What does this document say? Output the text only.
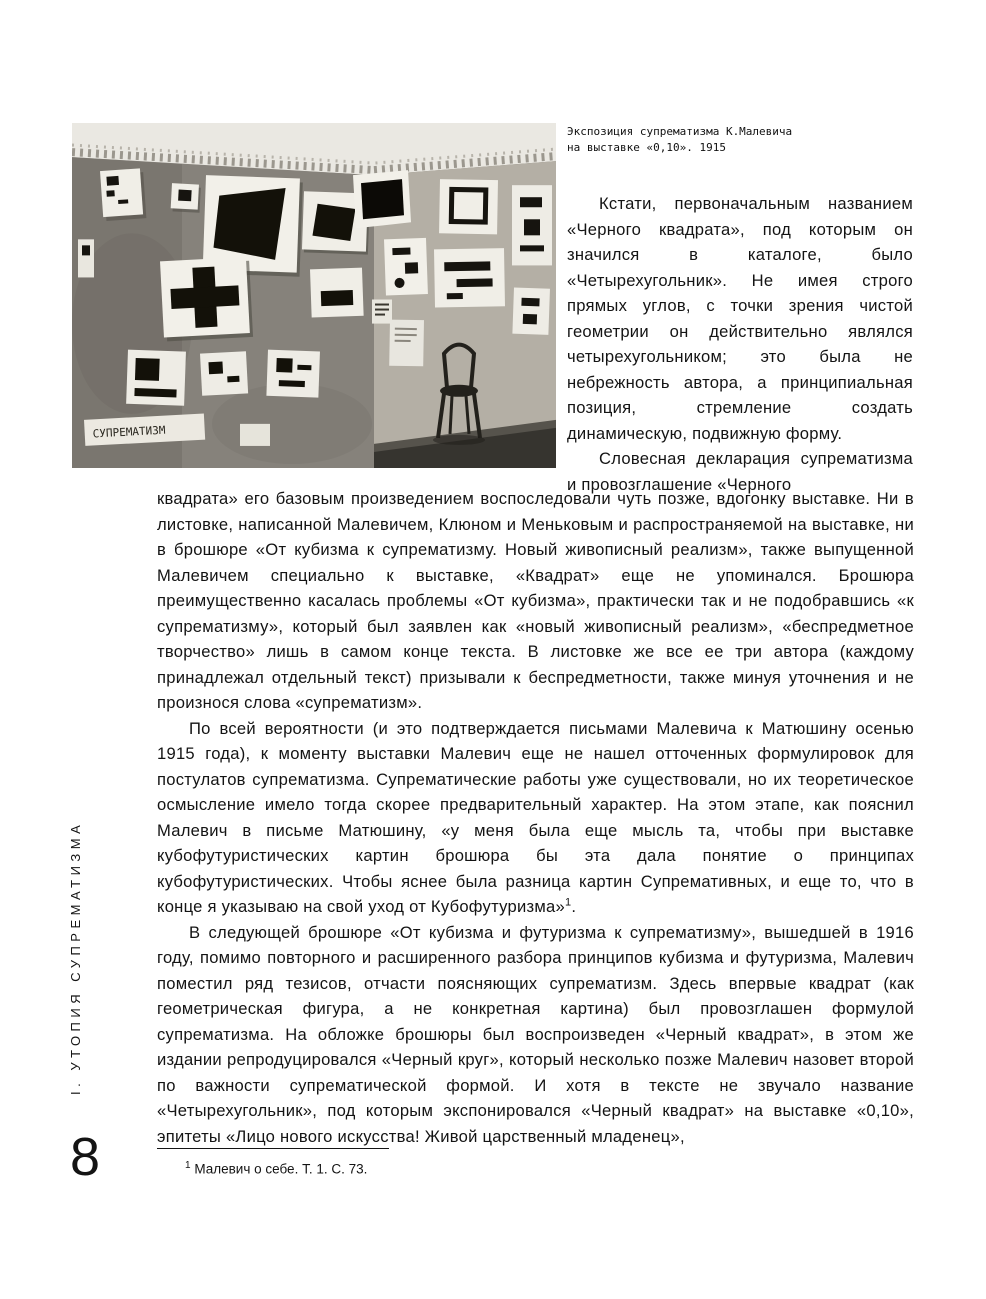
СУПРЕМАТИЗМ
Экспозиция супрематизма К.Малевича
на выставке «0,10». 1915

Кстати, первоначальным названием «Черного квадрата», под которым он значился в каталоге, было «Четырехугольник». Не имея строго прямых углов, с точки зрения чистой геометрии он действительно являлся четырехугольником; это была не небрежность автора, а принципиальная позиция, стремление создать динамическую, подвижную форму.

Словесная декларация супрематизма и провозглашение «Черного

квадрата» его базовым произведением воспоследовали чуть позже, вдогонку выставке. Ни в листовке, написанной Малевичем, Клюном и Меньковым и распространяемой на выставке, ни в брошюре «От кубизма к супрематизму. Новый живописный реализм», также выпущенной Малевичем специально к выставке, «Квадрат» еще не упоминался. Брошюра преимущественно касалась проблемы «От кубизма», практически так и не подобравшись «к супрематизму», который был заявлен как «новый живописный реализм», «беспредметное творчество» лишь в самом конце текста. В листовке же все ее три автора (каждому принадлежал отдельный текст) призывали к беспредметности, также минуя уточнения и не произнося слова «супрематизм».

По всей вероятности (и это подтверждается письмами Малевича к Матюшину осенью 1915 года), к моменту выставки Малевич еще не нашел отточенных формулировок для постулатов супрематизма. Супрематические работы уже существовали, но их теоретическое осмысление имело тогда скорее предварительный характер. На этом этапе, как пояснил Малевич в письме Матюшину, «у меня была еще мысль та, чтобы при выставке кубофутуристических картин брошюра бы эта дала понятие о принципах кубофутуристических. Чтобы яснее была разница картин Супремативных, и еще то, что в конце я указываю на свой уход от Кубофутуризма»$^1$.

В следующей брошюре «От кубизма и футуризма к супрематизму», вышедшей в 1916 году, помимо повторного и расширенного разбора принципов кубизма и футуризма, Малевич поместил ряд тезисов, отчасти поясняющих супрематизм. Здесь впервые квадрат (как геометрическая фигура, а не конкретная картина) был провозглашен формулой супрематизма. На обложке брошюры был воспроизведен «Черный квадрат», в этом же издании репродуцировался «Черный круг», который несколько позже Малевич назовет второй по важности супрематической формой. И хотя в тексте не звучало название «Четырехугольник», под которым экспонировался «Черный квадрат» на выставке «0,10», эпитеты «Лицо нового искусства! Живой царственный младенец»,

I. УТОПИЯ СУПРЕМАТИЗМА
8	$^1$ Малевич о себе. Т. 1. С. 73.
